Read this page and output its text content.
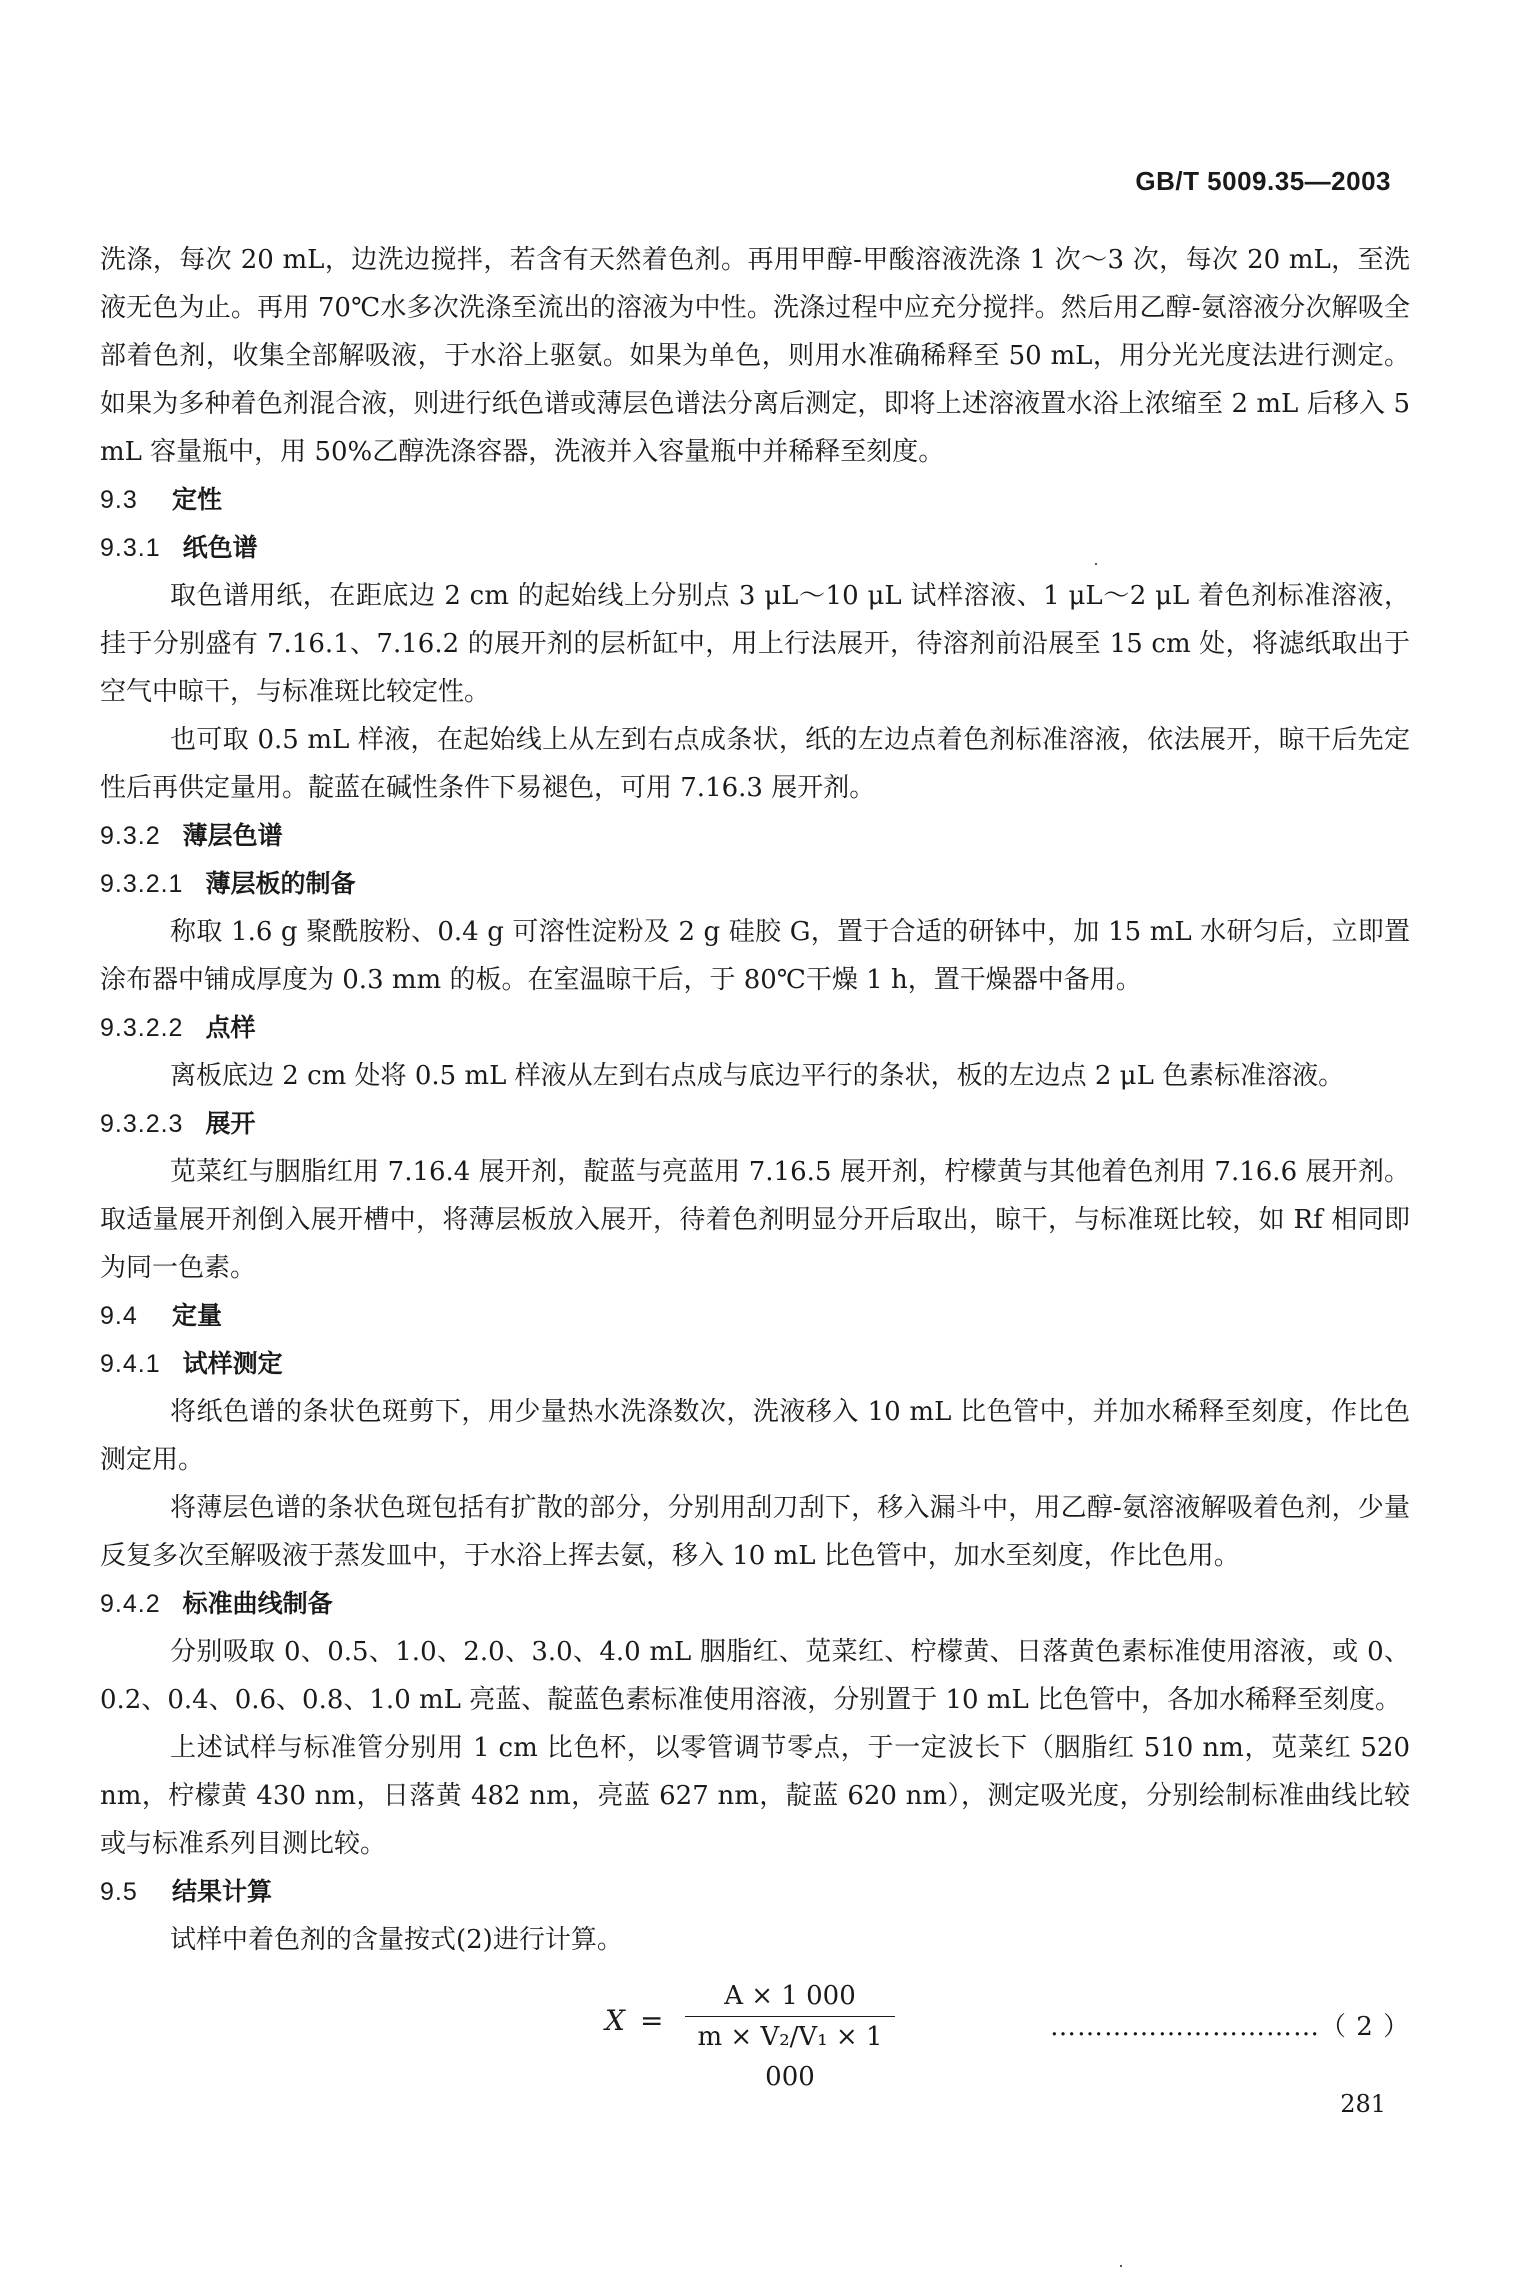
GB/T 5009.35—2003

洗涤，每次 20 mL，边洗边搅拌，若含有天然着色剂。再用甲醇-甲酸溶液洗涤 1 次～3 次，每次 20 mL，至洗液无色为止。再用 70℃水多次洗涤至流出的溶液为中性。洗涤过程中应充分搅拌。然后用乙醇-氨溶液分次解吸全部着色剂，收集全部解吸液，于水浴上驱氨。如果为单色，则用水准确稀释至 50 mL，用分光光度法进行测定。如果为多种着色剂混合液，则进行纸色谱或薄层色谱法分离后测定，即将上述溶液置水浴上浓缩至 2 mL 后移入 5 mL 容量瓶中，用 50%乙醇洗涤容器，洗液并入容量瓶中并稀释至刻度。

9.3 定性
9.3.1 纸色谱

取色谱用纸，在距底边 2 cm 的起始线上分别点 3 μL～10 μL 试样溶液、1 μL～2 μL 着色剂标准溶液，挂于分别盛有 7.16.1、7.16.2 的展开剂的层析缸中，用上行法展开，待溶剂前沿展至 15 cm 处，将滤纸取出于空气中晾干，与标准斑比较定性。

也可取 0.5 mL 样液，在起始线上从左到右点成条状，纸的左边点着色剂标准溶液，依法展开，晾干后先定性后再供定量用。靛蓝在碱性条件下易褪色，可用 7.16.3 展开剂。

9.3.2 薄层色谱
9.3.2.1 薄层板的制备

称取 1.6 g 聚酰胺粉、0.4 g 可溶性淀粉及 2 g 硅胶 G，置于合适的研钵中，加 15 mL 水研匀后，立即置涂布器中铺成厚度为 0.3 mm 的板。在室温晾干后，于 80℃干燥 1 h，置干燥器中备用。

9.3.2.2 点样

离板底边 2 cm 处将 0.5 mL 样液从左到右点成与底边平行的条状，板的左边点 2 μL 色素标准溶液。

9.3.2.3 展开

苋菜红与胭脂红用 7.16.4 展开剂，靛蓝与亮蓝用 7.16.5 展开剂，柠檬黄与其他着色剂用 7.16.6 展开剂。取适量展开剂倒入展开槽中，将薄层板放入展开，待着色剂明显分开后取出，晾干，与标准斑比较，如 Rf 相同即为同一色素。

9.4 定量
9.4.1 试样测定

将纸色谱的条状色斑剪下，用少量热水洗涤数次，洗液移入 10 mL 比色管中，并加水稀释至刻度，作比色测定用。

将薄层色谱的条状色斑包括有扩散的部分，分别用刮刀刮下，移入漏斗中，用乙醇-氨溶液解吸着色剂，少量反复多次至解吸液于蒸发皿中，于水浴上挥去氨，移入 10 mL 比色管中，加水至刻度，作比色用。

9.4.2 标准曲线制备

分别吸取 0、0.5、1.0、2.0、3.0、4.0 mL 胭脂红、苋菜红、柠檬黄、日落黄色素标准使用溶液，或 0、0.2、0.4、0.6、0.8、1.0 mL 亮蓝、靛蓝色素标准使用溶液，分别置于 10 mL 比色管中，各加水稀释至刻度。

上述试样与标准管分别用 1 cm 比色杯，以零管调节零点，于一定波长下（胭脂红 510 nm，苋菜红 520 nm，柠檬黄 430 nm，日落黄 482 nm，亮蓝 627 nm，靛蓝 620 nm），测定吸光度，分别绘制标准曲线比较或与标准系列目测比较。

9.5 结果计算

试样中着色剂的含量按式(2)进行计算。

$X = \frac{A \times 1 000}{\text{m × V₂/V₁ × 1 000}}$	…………………………（ 2 ）
281
